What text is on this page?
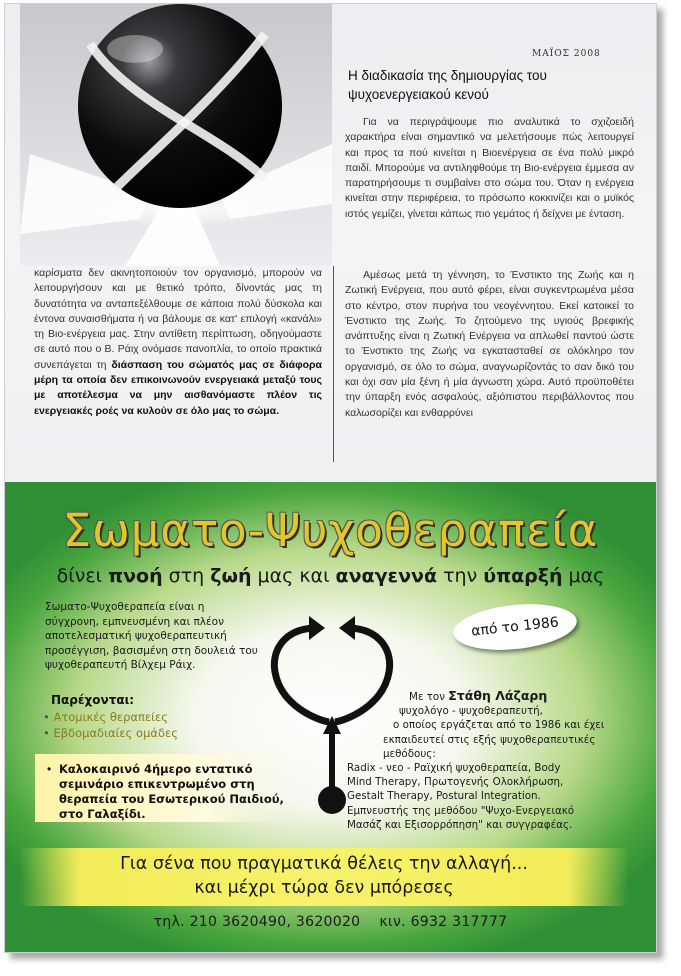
ΜΑΪΟΣ 2008
Η διαδικασία της δημιουργίας του
ψυχοενεργειακού κενού

Για να περιγράψουμε πιο αναλυτικά το σχιζοειδή χαρακτήρα είναι σημαντικό να μελετήσουμε πώς λειτουργεί και προς τα πού κινείται η Βιοενέργεια σε ένα πολύ μικρό παιδί. Μπορούμε να αντιληφθούμε τη Βιο-ενέργεια έμμεσα αν παρατηρήσουμε τι συμβαίνει στο σώμα του. Όταν η ενέργεια κινείται στην περιφέρεια, το πρόσωπο κοκκινίζει και ο μυϊκός ιστός γεμίζει, γίνεται κάπως πιο γεμάτος ή δείχνει με ένταση.

Αμέσως μετά τη γέννηση, το Ένστικτο της Ζωής και η Ζωτική Ενέργεια, που αυτό φέρει, είναι συγκεντρωμένα μέσα στο κέντρο, στον πυρήνα του νεογέννητου. Εκεί κατοικεί το Ένστικτο της Ζωής. Το ζητούμενο της υγιούς βρεφικής ανάπτυξης είναι η Ζωτική Ενέργεια να απλωθεί παντού ώστε το Ένστικτο της Ζωής να εγκατασταθεί σε ολόκληρο τον οργανισμό, σε όλο το σώμα, αναγνωρίζοντάς το σαν δικό του και όχι σαν μία ξένη ή μία άγνωστη χώρα. Αυτό προϋποθέτει την ύπαρξη ενός ασφαλούς, αξιόπιστου περιβάλλοντος που καλωσορίζει και ενθαρρύνει

καρίσματα δεν ακινητοποιούν τον οργανισμό, μπορούν να λειτουργήσουν και με θετικό τρόπο, δίνοντάς μας τη δυνατότητα να ανταπεξέλθουμε σε κάποια πολύ δύσκολα και έντονα συναισθήματα ή να βάλουμε σε κατ' επιλογή «κανάλι» τη Βιο-ενέργεια μας. Στην αντίθετη περίπτωση, οδηγούμαστε σε αυτό που ο Β. Ράιχ ονόμασε πανοπλία, το οποίο πρακτικά συνεπάγεται τη διάσπαση του σώματός μας σε διάφορα μέρη τα οποία δεν επικοινωνούν ενεργειακά μεταξύ τους με αποτέλεσμα να μην αισθανόμαστε πλέον τις ενεργειακές ροές να κυλούν σε όλο μας το σώμα.

Σωματο-Ψυχοθεραπεία
δίνει πνοή στη ζωή μας και αναγεννά την ύπαρξή μας

Σωματο-Ψυχοθεραπεία είναι η σύγχρονη, εμπνευσμένη και πλέον αποτελεσματική ψυχοθεραπευτική προσέγγιση, βασισμένη στη δουλειά του ψυχοθεραπευτή Βίλχεμ Ράιχ.

Παρέχονται:
• Ατομικές θεραπείες
• Εβδομαδιαίες ομάδες
• Καλοκαιρινό 4ήμερο εντατικό σεμινάριο επικεντρωμένο στη θεραπεία του Εσωτερικού Παιδιού, στο Γαλαξίδι.
από το 1986
Με τον Στάθη Λάζαρη
ψυχολόγο - ψυχοθεραπευτή,
ο οποίος εργάζεται από το 1986 και έχει
εκπαιδευτεί στις εξής ψυχοθεραπευτικές
μεθόδους:
Radix - νεο - Ραϊχική ψυχοθεραπεία, Body
Mind Therapy, Πρωτογενής Ολοκλήρωση,
Gestalt Therapy, Postural Integration.
Εμπνευστής της μεθόδου "Ψυχο-Ενεργειακό
Μασάζ και Εξισορρόπηση" και συγγραφέας.
Για σένα που πραγματικά θέλεις την αλλαγή...
και μέχρι τώρα δεν μπόρεσες
τηλ. 210 3620490, 3620020    κιν. 6932 317777
